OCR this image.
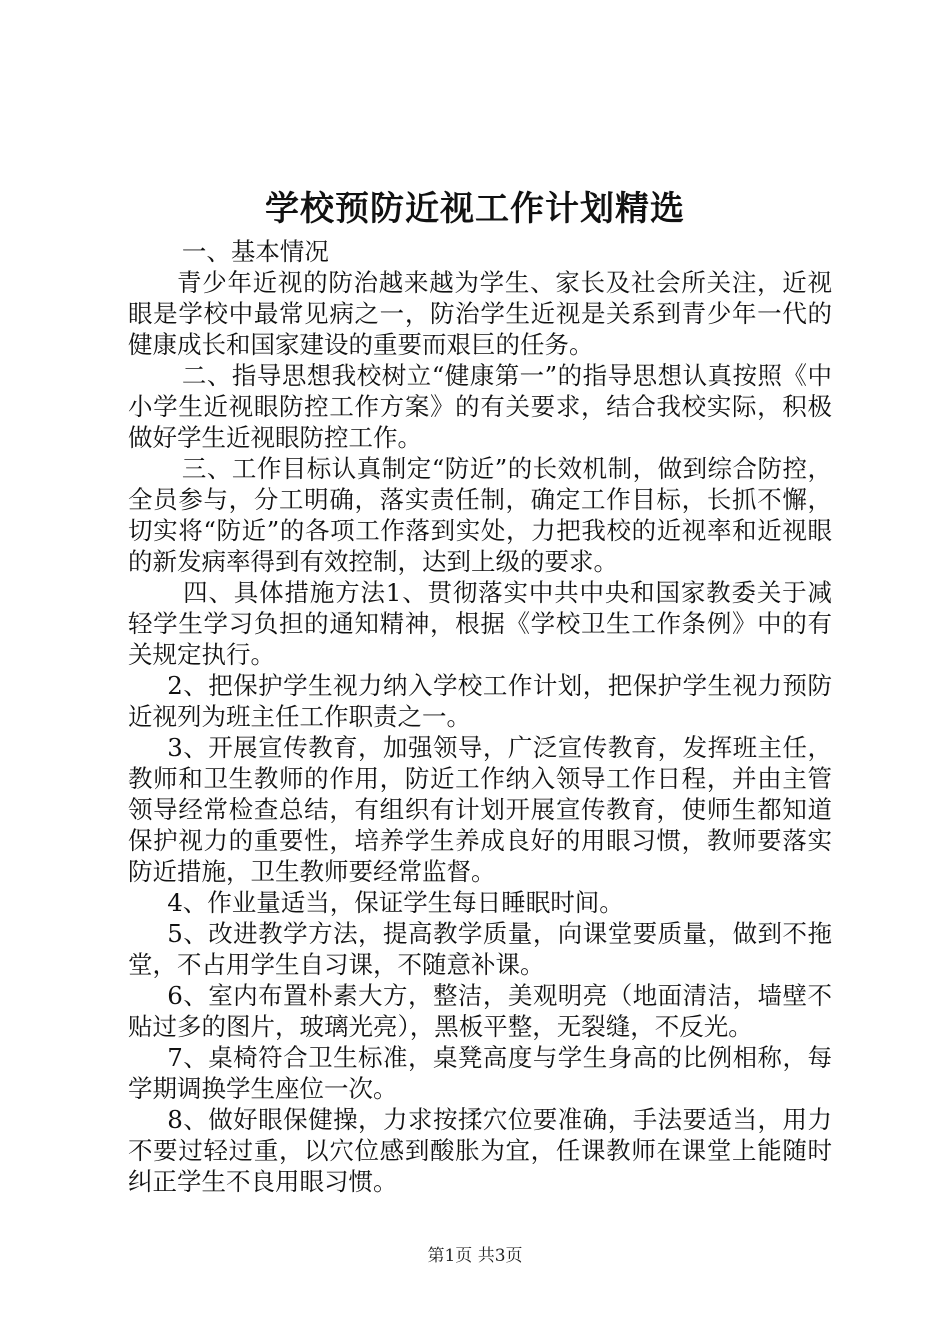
学校预防近视工作计划精选

一、基本情况

青少年近视的防治越来越为学生、家长及社会所关注，近视眼是学校中最常见病之一，防治学生近视是关系到青少年一代的健康成长和国家建设的重要而艰巨的任务。

二、指导思想我校树立“健康第一”的指导思想认真按照《中小学生近视眼防控工作方案》的有关要求，结合我校实际，积极做好学生近视眼防控工作。

三、工作目标认真制定“防近”的长效机制，做到综合防控，全员参与，分工明确，落实责任制，确定工作目标，长抓不懈，切实将“防近”的各项工作落到实处，力把我校的近视率和近视眼的新发病率得到有效控制，达到上级的要求。

四、具体措施方法1、贯彻落实中共中央和国家教委关于减轻学生学习负担的通知精神，根据《学校卫生工作条例》中的有关规定执行。

2、把保护学生视力纳入学校工作计划，把保护学生视力预防近视列为班主任工作职责之一。

3、开展宣传教育，加强领导，广泛宣传教育，发挥班主任，教师和卫生教师的作用，防近工作纳入领导工作日程，并由主管领导经常检查总结，有组织有计划开展宣传教育，使师生都知道保护视力的重要性，培养学生养成良好的用眼习惯，教师要落实防近措施，卫生教师要经常监督。

4、作业量适当，保证学生每日睡眠时间。

5、改进教学方法，提高教学质量，向课堂要质量，做到不拖堂，不占用学生自习课，不随意补课。

6、室内布置朴素大方，整洁，美观明亮（地面清洁，墙壁不贴过多的图片，玻璃光亮），黑板平整，无裂缝，不反光。

7、桌椅符合卫生标准，桌凳高度与学生身高的比例相称，每学期调换学生座位一次。

8、做好眼保健操，力求按揉穴位要准确，手法要适当，用力不要过轻过重，以穴位感到酸胀为宜，任课教师在课堂上能随时纠正学生不良用眼习惯。

第1页 共3页
